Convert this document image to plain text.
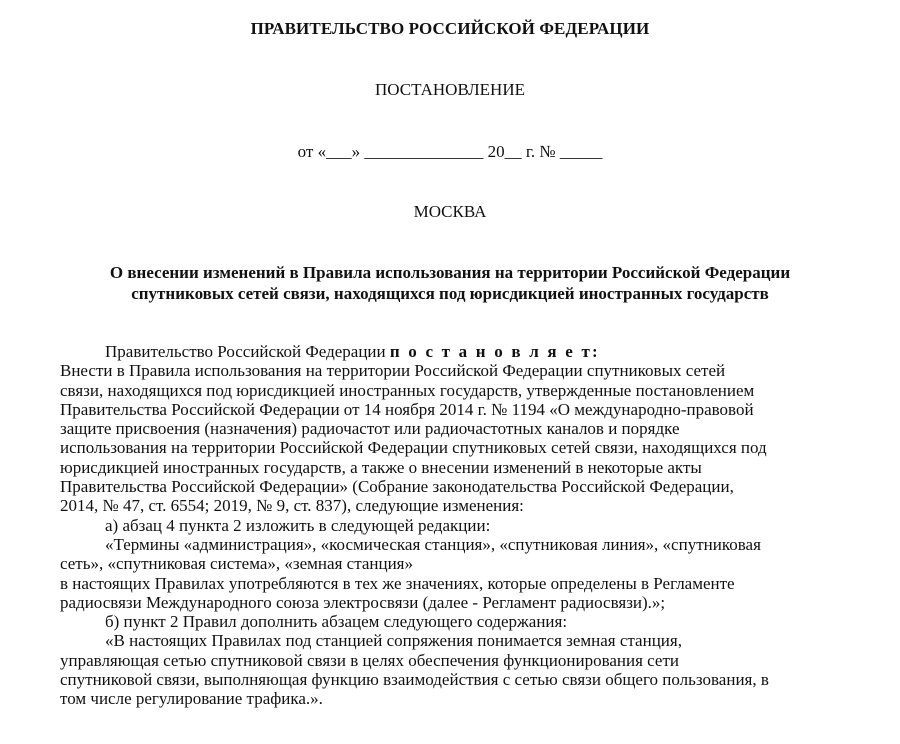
ПРАВИТЕЛЬСТВО РОССИЙСКОЙ ФЕДЕРАЦИИ
ПОСТАНОВЛЕНИЕ
от «___» ______________ 20__ г. № _____
МОСКВА
О внесении изменений в Правила использования на территории Российской Федерации
спутниковых сетей связи, находящихся под юрисдикцией иностранных государств
Правительство Российской Федерации п о с т а н о в л я е т:
Внести в Правила использования на территории Российской Федерации спутниковых сетей
связи, находящихся под юрисдикцией иностранных государств, утвержденные постановлением
Правительства Российской Федерации от 14 ноября 2014 г. № 1194 «О международно-правовой
защите присвоения (назначения) радиочастот или радиочастотных каналов и порядке
использования на территории Российской Федерации спутниковых сетей связи, находящихся под
юрисдикцией иностранных государств, а также о внесении изменений в некоторые акты
Правительства Российской Федерации» (Собрание законодательства Российской Федерации,
2014, № 47, ст. 6554; 2019, № 9, ст. 837), следующие изменения:
а) абзац 4 пункта 2 изложить в следующей редакции:
«Термины «администрация», «космическая станция», «спутниковая линия», «спутниковая
сеть», «спутниковая система», «земная станция»
в настоящих Правилах употребляются в тех же значениях, которые определены в Регламенте
радиосвязи Международного союза электросвязи (далее - Регламент радиосвязи).»;
б) пункт 2 Правил дополнить абзацем следующего содержания:
«В настоящих Правилах под станцией сопряжения понимается земная станция,
управляющая сетью спутниковой связи в целях обеспечения функционирования сети
спутниковой связи, выполняющая функцию взаимодействия с сетью связи общего пользования, в
том числе регулирование трафика.».
